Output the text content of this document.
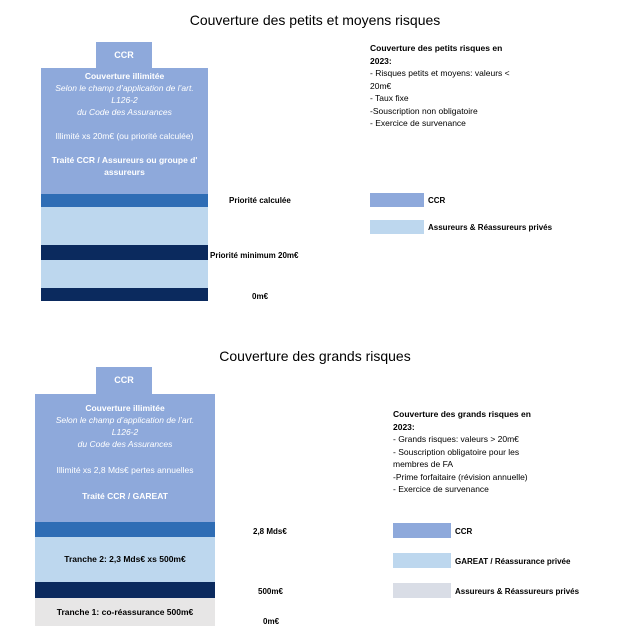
Couverture des petits et moyens risques
CCR
Couverture illimitée
Selon le champ d’application de l’art.
L126-2
du Code des Assurances
Illimité xs 20m€ (ou priorité calculée)
Traité CCR / Assureurs ou groupe d'
assureurs
Priorité calculée
Priorité minimum 20m€
0m€
Couverture des petits risques en
2023:
- Risques petits et moyens: valeurs <
20m€
- Taux fixe
-Souscription non obligatoire
- Exercice de survenance
CCR
Assureurs & Réassureurs privés
Couverture des grands risques
CCR
Couverture illimitée
Selon le champ d’application de l’art.
L126-2
du Code des Assurances
Illimité xs 2,8 Mds€ pertes annuelles
Traité CCR / GAREAT
Tranche 2: 2,3 Mds€ xs 500m€
Tranche 1: co-réassurance 500m€
2,8 Mds€
500m€
0m€
Couverture des grands risques en
2023:
- Grands risques: valeurs > 20m€
- Souscription obligatoire pour les
membres de FA
-Prime forfaitaire (révision annuelle)
- Exercice de survenance
CCR
GAREAT / Réassurance privée
Assureurs & Réassureurs privés
